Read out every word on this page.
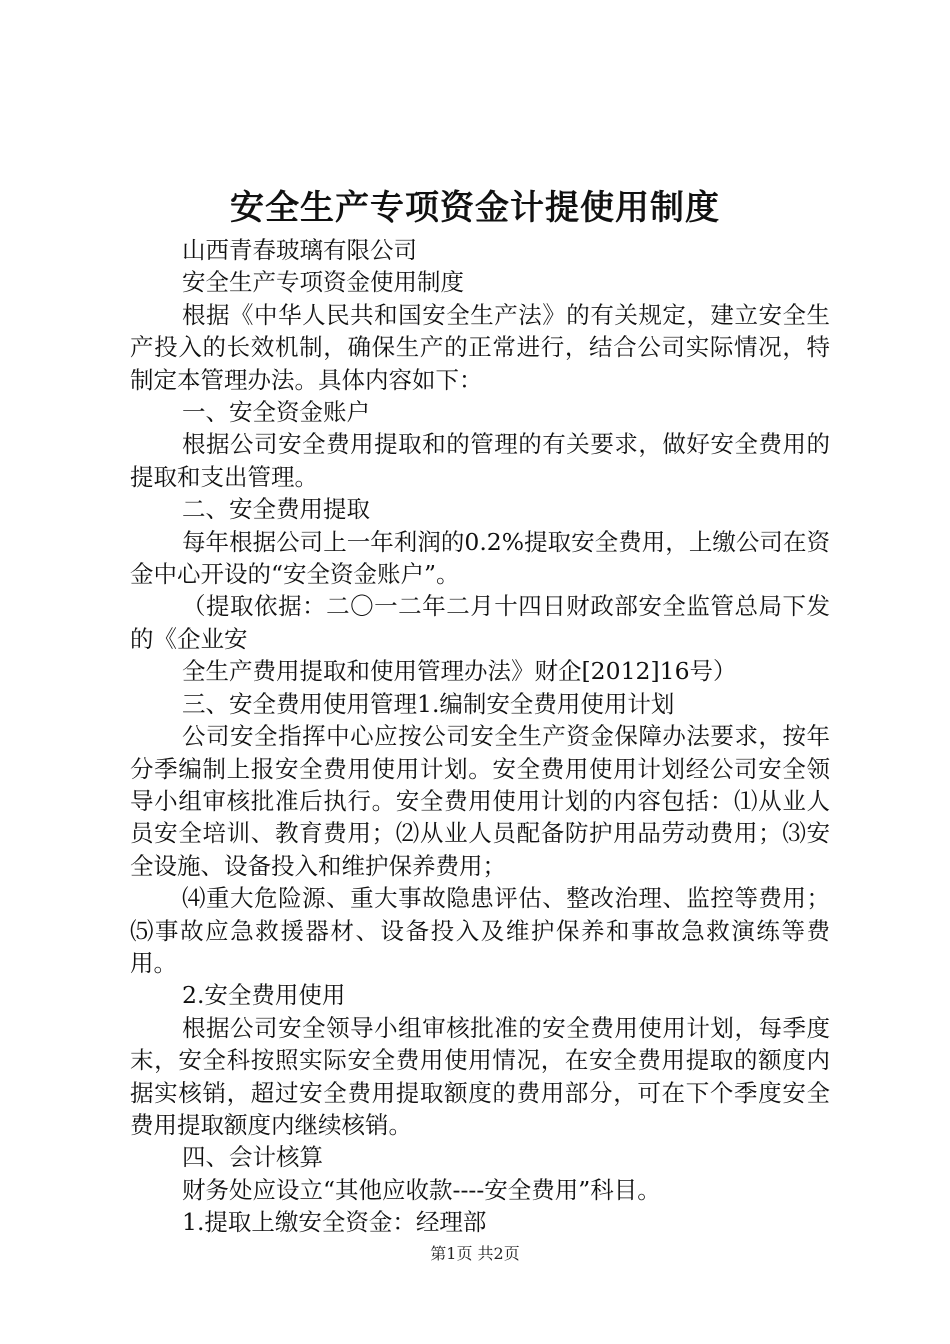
安全生产专项资金计提使用制度

山西青春玻璃有限公司

安全生产专项资金使用制度

根据《中华人民共和国安全生产法》的有关规定，建立安全生产投入的长效机制，确保生产的正常进行，结合公司实际情况，特制定本管理办法。具体内容如下：

一、安全资金账户

根据公司安全费用提取和的管理的有关要求，做好安全费用的提取和支出管理。

二、安全费用提取

每年根据公司上一年利润的0.2%提取安全费用，上缴公司在资金中心开设的“安全资金账户”。

（提取依据：二〇一二年二月十四日财政部安全监管总局下发的《企业安

全生产费用提取和使用管理办法》财企[2012]16号）

三、安全费用使用管理1.编制安全费用使用计划

公司安全指挥中心应按公司安全生产资金保障办法要求，按年分季编制上报安全费用使用计划。安全费用使用计划经公司安全领导小组审核批准后执行。安全费用使用计划的内容包括：⑴从业人员安全培训、教育费用；⑵从业人员配备防护用品劳动费用；⑶安全设施、设备投入和维护保养费用；

⑷重大危险源、重大事故隐患评估、整改治理、监控等费用；⑸事故应急救援器材、设备投入及维护保养和事故急救演练等费用。

2.安全费用使用

根据公司安全领导小组审核批准的安全费用使用计划，每季度末，安全科按照实际安全费用使用情况，在安全费用提取的额度内据实核销，超过安全费用提取额度的费用部分，可在下个季度安全费用提取额度内继续核销。

四、会计核算

财务处应设立“其他应收款----安全费用”科目。

1.提取上缴安全资金：经理部

第1页 共2页
